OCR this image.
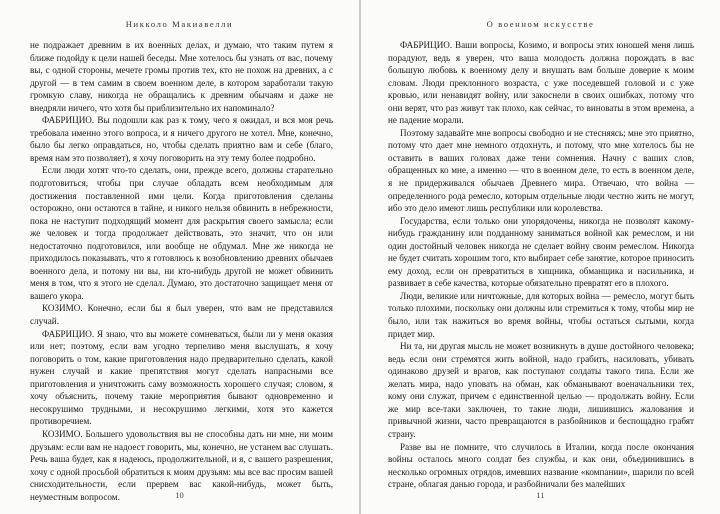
Никколо Макиавелли

не подражает древним в их военных делах, и думаю, что таким путем я ближе подойду к цели нашей беседы. Мне хотелось бы узнать от вас, почему вы, с одной стороны, мечете громы против тех, кто не похож на древних, а с другой — в тем самим в своем военном деле, в котором заработали такую громкую славу, никогда не обращались к древним обычаям и даже не внедряли ничего, что хотя бы приблизительно их напоминало?

ФАБРИЦИО. Вы подошли как раз к тому, чего я ожидал, и вся моя речь требовала именно этого вопроса, и я ничего другого не хотел. Мне, конечно, было бы легко оправдаться, но, чтобы сделать приятно вам и себе (благо, время нам это позволяет), я хочу поговорить на эту тему более подробно.

Если люди хотят что-то сделать, они, прежде всего, должны старательно подготовиться, чтобы при случае обладать всем необходимым для достижения поставленной ими цели. Когда приготовления сделаны осторожно, они остаются в тайне, и никого нельзя обвинить в небрежности, пока не наступит подходящий момент для раскрытия своего замысла; если же человек и тогда продолжает действовать, это значит, что он или недостаточно подготовился, или вообще не обдумал. Мне же никогда не приходилось показывать, что я готовлюсь к возобновлению древних обычаев военного дела, и потому ни вы, ни кто-нибудь другой не может обвинить меня в том, что я этого не сделал. Думаю, это достаточно защищает меня от вашего укора.

КОЗИМО. Конечно, если бы я был уверен, что вам не представился случай.

ФАБРИЦИО. Я знаю, что вы можете сомневаться, были ли у меня оказия или нет; поэтому, если вам угодно терпеливо меня выслушать, я хочу поговорить о том, какие приготовления надо предварительно сделать, какой нужен случай и какие препятствия могут сделать напрасными все приготовления и уничтожить саму возможность хорошего случая; словом, я хочу объяснить, почему такие мероприятия бывают одновременно и несокрушимо трудными, и несокрушимо легкими, хотя это кажется противоречием.

КОЗИМО. Большего удовольствия вы не способны дать ни мне, ни моим друзьям: если вам не надоест говорить, мы, конечно, не устанем вас слушать. Речь ваша будет, как я надеюсь, продолжительной, и я, с вашего разрешения, хочу с одной просьбой обратиться к моим друзьям: мы все вас просим вашей снисходительности, если прервем вас какой-нибудь, может быть, неуместным вопросом.	10
О военном искусстве

ФАБРИЦИО. Ваши вопросы, Козимо, и вопросы этих юношей меня лишь порадуют, ведь я уверен, что ваша молодость должна порождать в вас большую любовь к военному делу и внушать вам больше доверие к моим словам. Люди преклонного возраста, с уже поседевшей головой и с уже кровью, или ненавидят войну, или закоснели в своих ошибках, потому что они верят, что раз живут так плохо, как сейчас, то виноваты в этом времена, а не падение морали.

Поэтому задавайте мне вопросы свободно и не стесняясь; мне это приятно, потому что дает мне немного отдохнуть, и потому, что мне хотелось бы не оставить в ваших головах даже тени сомнения. Начну с ваших слов, обращенных ко мне, а именно — что в военном деле, то есть в военном деле, я не придерживался обычаев Древнего мира. Отвечаю, что война — определенного рода ремесло, которым отдельные люди честно жить не могут, ибо это дело имеют лишь республики или королевства.

Государства, если только они упорядочены, никогда не позволят какому-нибудь гражданину или подданному заниматься войной как ремеслом, и ни один достойный человек никогда не сделает войну своим ремеслом. Никогда не будет считать хорошим того, кто выбирает себе занятие, которое приносить ему доход, если он превратиться в хищника, обманщика и насильника, и развивает в себе качества, которые обязательно превратят его в плохого.

Люди, великие или ничтожные, для которых война — ремесло, могут быть только плохими, поскольку они должны или стремиться к тому, чтобы мир не было, или так нажиться во время войны, чтобы остаться сытыми, когда придет мир.

Ни та, ни другая мысль не может возникнуть в душе достойного человека; ведь если они стремятся жить войной, надо грабить, насиловать, убивать одинаково друзей и врагов, как поступают солдаты такого типа. Если же желать мира, надо уповать на обман, как обманывают военачальники тех, кому они служат, причем с единственной целью — продолжать войну. Если же мир все-таки заключен, то такие люди, лишившись жалования и привычной жизни, часто превращаются в разбойников и беспощадно грабят страну.

Разве вы не помните, что случилось в Италии, когда после окончания войны осталось много солдат без службы, и как они, объединившись в несколько огромных отрядов, имевших название «компании», шарили по всей стране, облагая данью города, и разбойничали без малейших

11
